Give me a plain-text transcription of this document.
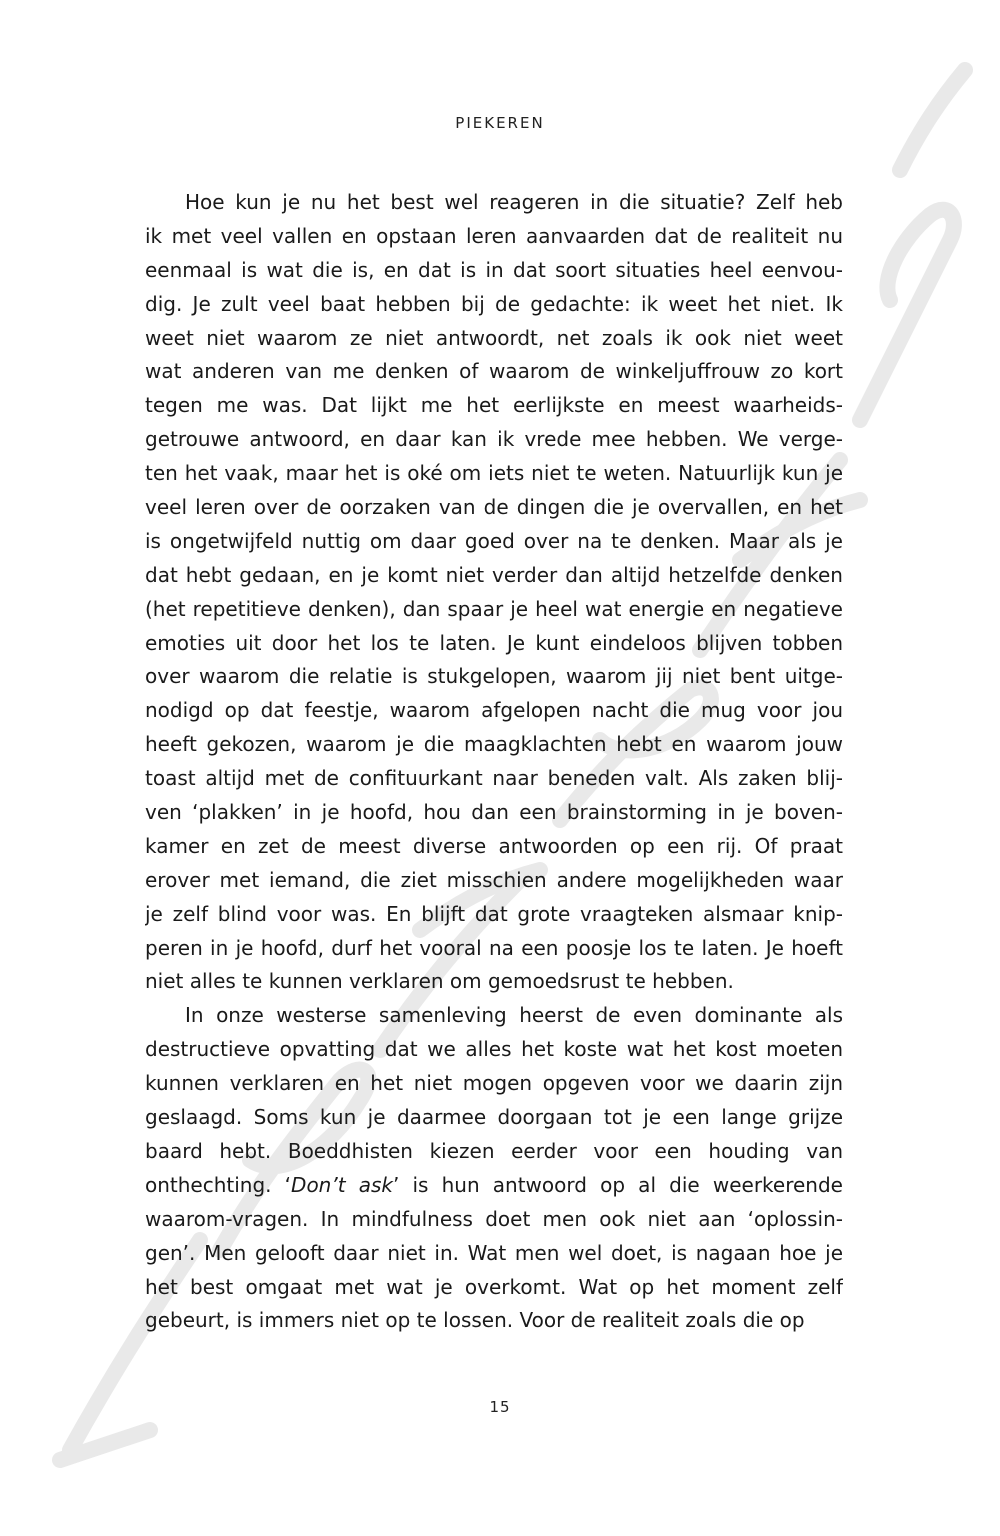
PIEKEREN
Hoe kun je nu het best wel reageren in die situatie? Zelf heb
ik met veel vallen en opstaan leren aanvaarden dat de realiteit nu
eenmaal is wat die is, en dat is in dat soort situaties heel eenvou-
dig. Je zult veel baat hebben bij de gedachte: ik weet het niet. Ik
weet niet waarom ze niet antwoordt, net zoals ik ook niet weet
wat anderen van me denken of waarom de winkeljuffrouw zo kort
tegen me was. Dat lijkt me het eerlijkste en meest waarheids-
getrouwe antwoord, en daar kan ik vrede mee hebben. We verge-
ten het vaak, maar het is oké om iets niet te weten. Natuurlijk kun je
veel leren over de oorzaken van de dingen die je overvallen, en het
is ongetwijfeld nuttig om daar goed over na te denken. Maar als je
dat hebt gedaan, en je komt niet verder dan altijd hetzelfde denken
(het repetitieve denken), dan spaar je heel wat energie en negatieve
emoties uit door het los te laten. Je kunt eindeloos blijven tobben
over waarom die relatie is stukgelopen, waarom jij niet bent uitge-
nodigd op dat feestje, waarom afgelopen nacht die mug voor jou
heeft gekozen, waarom je die maagklachten hebt en waarom jouw
toast altijd met de confituurkant naar beneden valt. Als zaken blij-
ven ‘plakken’ in je hoofd, hou dan een brainstorming in je boven-
kamer en zet de meest diverse antwoorden op een rij. Of praat
erover met iemand, die ziet misschien andere mogelijkheden waar
je zelf blind voor was. En blijft dat grote vraagteken alsmaar knip-
peren in je hoofd, durf het vooral na een poosje los te laten. Je hoeft
niet alles te kunnen verklaren om gemoedsrust te hebben.
In onze westerse samenleving heerst de even dominante als
destructieve opvatting dat we alles het koste wat het kost moeten
kunnen verklaren en het niet mogen opgeven voor we daarin zijn
geslaagd. Soms kun je daarmee doorgaan tot je een lange grijze
baard hebt. Boeddhisten kiezen eerder voor een houding van
onthechting. ‘Don’t ask’ is hun antwoord op al die weerkerende
waarom-vragen. In mindfulness doet men ook niet aan ‘oplossin-
gen’. Men gelooft daar niet in. Wat men wel doet, is nagaan hoe je
het best omgaat met wat je overkomt. Wat op het moment zelf
gebeurt, is immers niet op te lossen. Voor de realiteit zoals die op
15
